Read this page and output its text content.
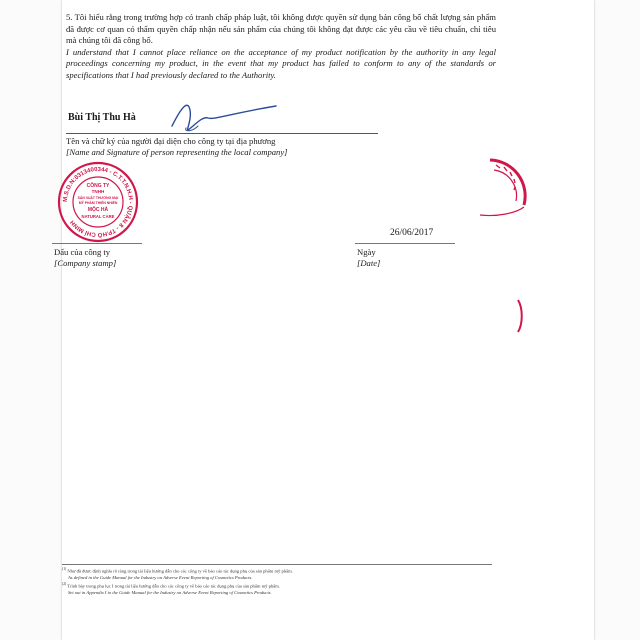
5. Tôi hiểu rằng trong trường hợp có tranh chấp pháp luật, tôi không được quyền sử dụng bản công bố chất lượng sản phẩm đã được cơ quan có thẩm quyền chấp nhận nếu sản phẩm của chúng tôi không đạt được các yêu cầu về tiêu chuẩn, chỉ tiêu mà chúng tôi đã công bố.
I understand that I cannot place reliance on the acceptance of my product notification by the authority in any legal proceedings concerning my product, in the event that my product has failed to conform to any of the standards or specifications that I had previously declared to the Authority.
Bùi Thị Thu Hà
Tên và chữ ký của người đại diện cho công ty tại địa phương
[Name and Signature of person representing the local company]
M.S.D.N:0313400344 - C.T.T.N.H.H - QUẬN 8 - TP.HỒ CHÍ MINH
CÔNG TY
TNHH
SẢN XUẤT THƯƠNG MẠI
MỸ PHẨM THIÊN NHIÊN
MỘC HÀ
NATURAL CARE
26/06/2017
Dấu của công ty
[Company stamp]
Ngày
[Date]
$^{(1)}$ Như đã được định nghĩa rõ ràng trong tài liệu hướng dẫn cho các công ty về báo cáo tác dụng phụ của sản phẩm mỹ phẩm.
As defined in the Guide Manual for the Industry on Adverse Event Reporting of Cosmetics Products.
$^{(2)}$ Trình bày trong phụ lục I trong tài liệu hướng dẫn cho các công ty về báo cáo tác dụng phụ của sản phẩm mỹ phẩm.
Set out in Appendix I to the Guide Manual for the Industry on Adverse Event Reporting of Cosmetics Products.
